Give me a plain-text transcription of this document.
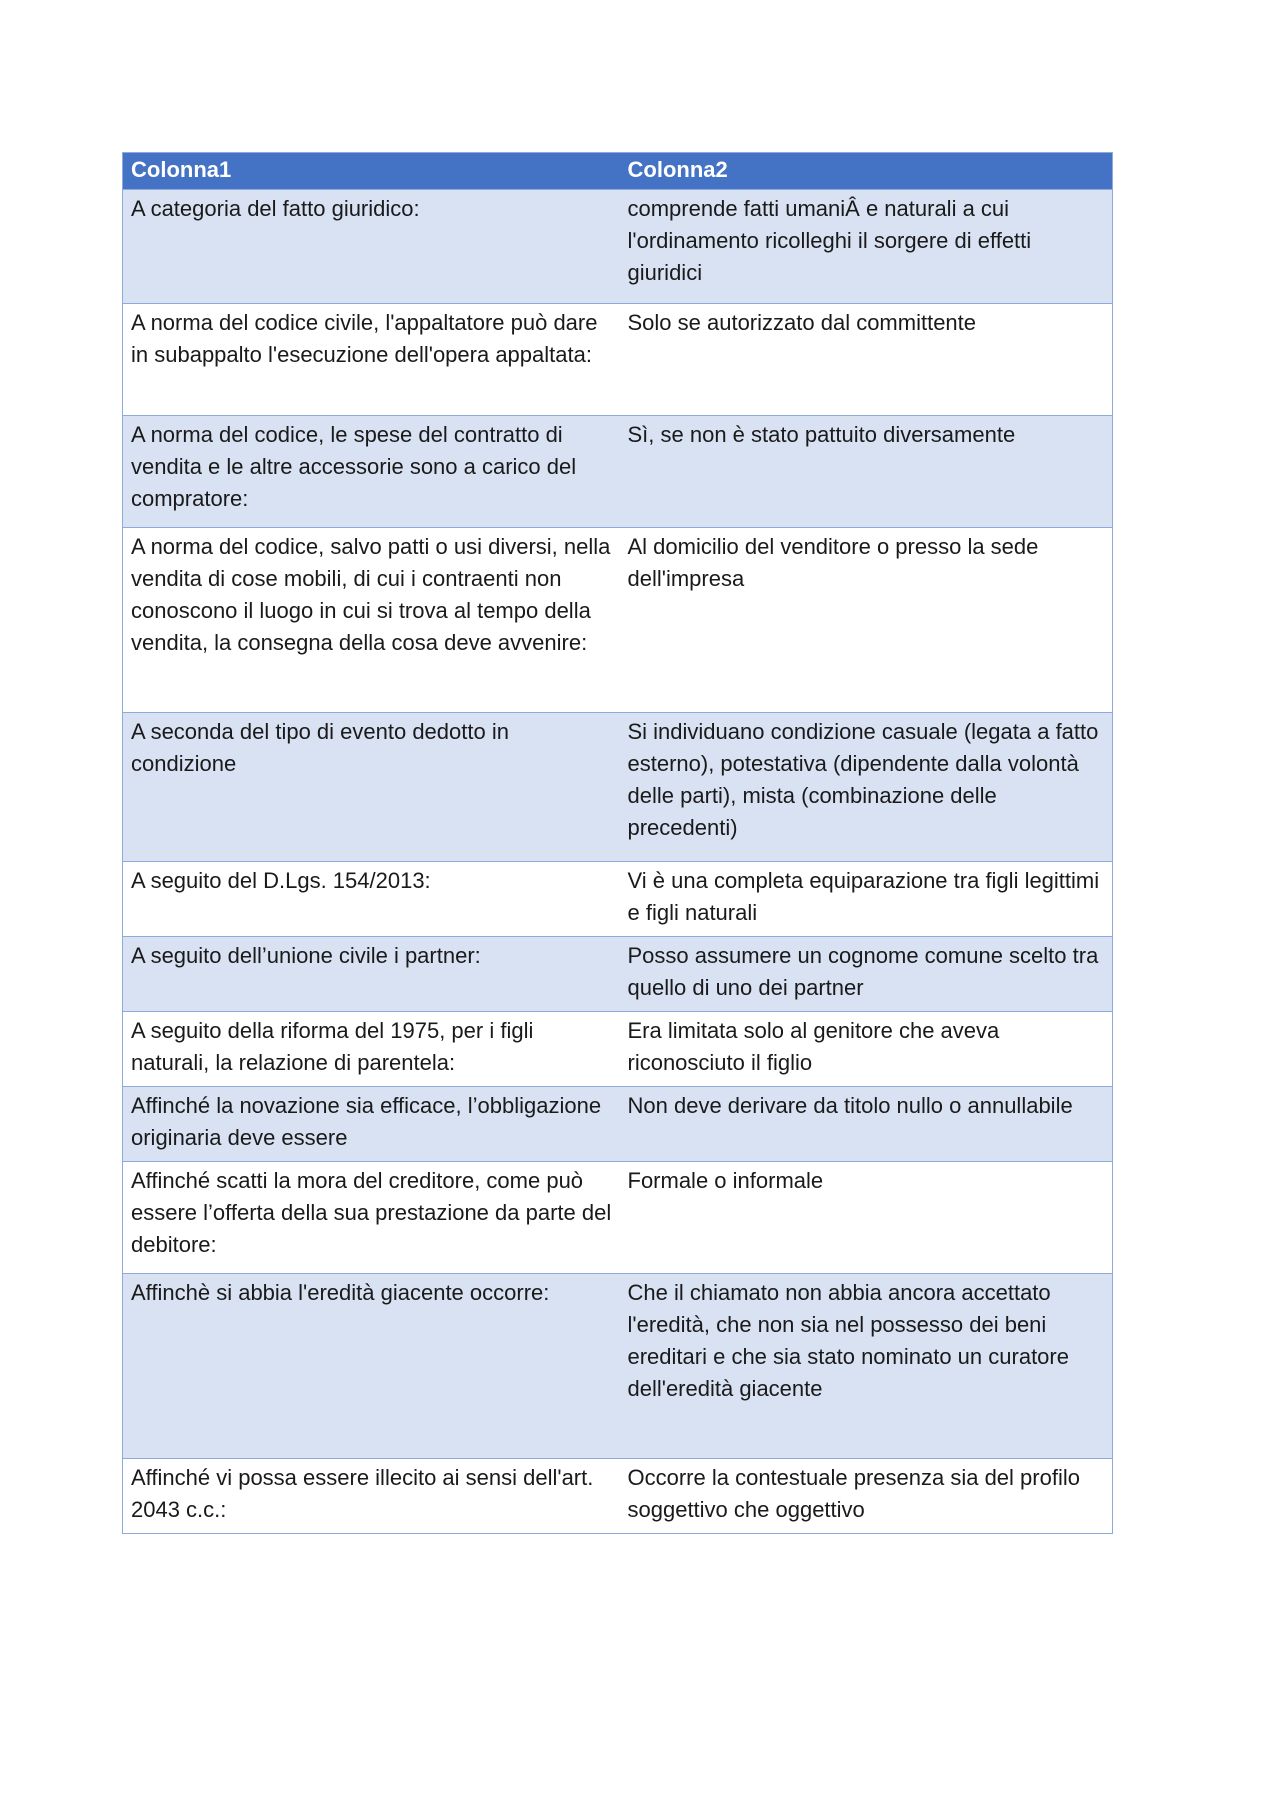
Colonna1	Colonna2
A categoria del fatto giuridico:	comprende fatti umaniÂ e naturali a cui l'ordinamento ricolleghi il sorgere di effetti giuridici
A norma del codice civile, l'appaltatore può dare in subappalto l'esecuzione dell'opera appaltata:	Solo se autorizzato dal committente
A norma del codice, le spese del contratto di vendita e le altre accessorie sono a carico del compratore:	Sì, se non è stato pattuito diversamente
A norma del codice, salvo patti o usi diversi, nella vendita di cose mobili, di cui i contraenti non conoscono il luogo in cui si trova al tempo della vendita, la consegna della cosa deve avvenire:	Al domicilio del venditore o presso la sede dell'impresa
A seconda del tipo di evento dedotto in condizione	Si individuano condizione casuale (legata a fatto esterno), potestativa (dipendente dalla volontà delle parti), mista (combinazione delle precedenti)
A seguito del D.Lgs. 154/2013:	Vi è una completa equiparazione tra figli legittimi e figli naturali
A seguito dell’unione civile i partner:	Posso assumere un cognome comune scelto tra quello di uno dei partner
A seguito della riforma del 1975, per i figli naturali, la relazione di parentela:	Era limitata solo al genitore che aveva riconosciuto il figlio
Affinché la novazione sia efficace, l’obbligazione originaria deve essere	Non deve derivare da titolo nullo o annullabile
Affinché scatti la mora del creditore, come può essere l’offerta della sua prestazione da parte del debitore:	Formale o informale
Affinchè si abbia l'eredità giacente occorre:	Che il chiamato non abbia ancora accettato l'eredità, che non sia nel possesso dei beni ereditari e che sia stato nominato un curatore dell'eredità giacente
Affinché vi possa essere illecito ai sensi dell'art. 2043 c.c.:	Occorre la contestuale presenza sia del profilo soggettivo che oggettivo
